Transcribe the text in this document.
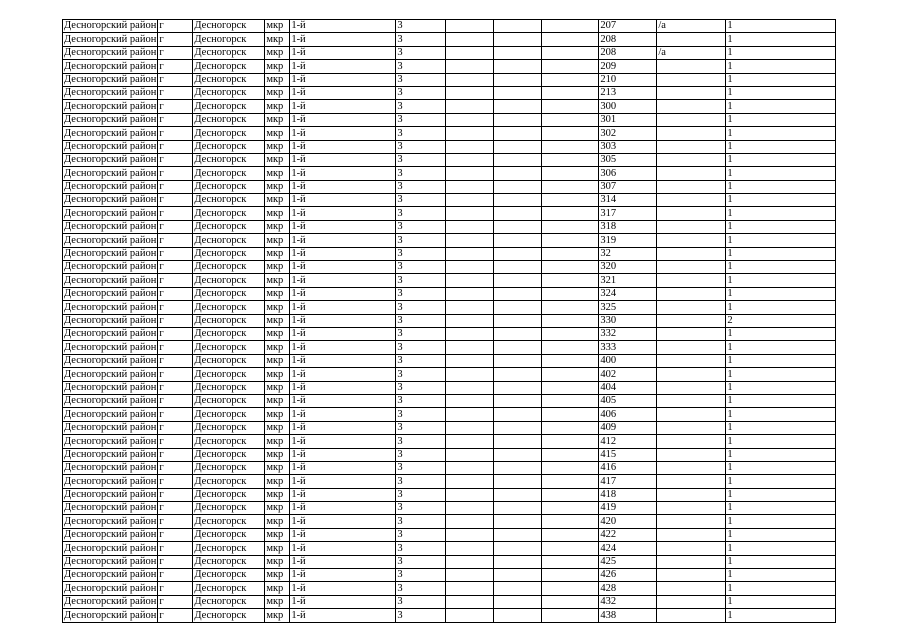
Десногорский район	г	Десногорск	мкр	1-й	3				207	/а	1
Десногорский район	г	Десногорск	мкр	1-й	3				208		1
Десногорский район	г	Десногорск	мкр	1-й	3				208	/а	1
Десногорский район	г	Десногорск	мкр	1-й	3				209		1
Десногорский район	г	Десногорск	мкр	1-й	3				210		1
Десногорский район	г	Десногорск	мкр	1-й	3				213		1
Десногорский район	г	Десногорск	мкр	1-й	3				300		1
Десногорский район	г	Десногорск	мкр	1-й	3				301		1
Десногорский район	г	Десногорск	мкр	1-й	3				302		1
Десногорский район	г	Десногорск	мкр	1-й	3				303		1
Десногорский район	г	Десногорск	мкр	1-й	3				305		1
Десногорский район	г	Десногорск	мкр	1-й	3				306		1
Десногорский район	г	Десногорск	мкр	1-й	3				307		1
Десногорский район	г	Десногорск	мкр	1-й	3				314		1
Десногорский район	г	Десногорск	мкр	1-й	3				317		1
Десногорский район	г	Десногорск	мкр	1-й	3				318		1
Десногорский район	г	Десногорск	мкр	1-й	3				319		1
Десногорский район	г	Десногорск	мкр	1-й	3				32		1
Десногорский район	г	Десногорск	мкр	1-й	3				320		1
Десногорский район	г	Десногорск	мкр	1-й	3				321		1
Десногорский район	г	Десногорск	мкр	1-й	3				324		1
Десногорский район	г	Десногорск	мкр	1-й	3				325		1
Десногорский район	г	Десногорск	мкр	1-й	3				330		2
Десногорский район	г	Десногорск	мкр	1-й	3				332		1
Десногорский район	г	Десногорск	мкр	1-й	3				333		1
Десногорский район	г	Десногорск	мкр	1-й	3				400		1
Десногорский район	г	Десногорск	мкр	1-й	3				402		1
Десногорский район	г	Десногорск	мкр	1-й	3				404		1
Десногорский район	г	Десногорск	мкр	1-й	3				405		1
Десногорский район	г	Десногорск	мкр	1-й	3				406		1
Десногорский район	г	Десногорск	мкр	1-й	3				409		1
Десногорский район	г	Десногорск	мкр	1-й	3				412		1
Десногорский район	г	Десногорск	мкр	1-й	3				415		1
Десногорский район	г	Десногорск	мкр	1-й	3				416		1
Десногорский район	г	Десногорск	мкр	1-й	3				417		1
Десногорский район	г	Десногорск	мкр	1-й	3				418		1
Десногорский район	г	Десногорск	мкр	1-й	3				419		1
Десногорский район	г	Десногорск	мкр	1-й	3				420		1
Десногорский район	г	Десногорск	мкр	1-й	3				422		1
Десногорский район	г	Десногорск	мкр	1-й	3				424		1
Десногорский район	г	Десногорск	мкр	1-й	3				425		1
Десногорский район	г	Десногорск	мкр	1-й	3				426		1
Десногорский район	г	Десногорск	мкр	1-й	3				428		1
Десногорский район	г	Десногорск	мкр	1-й	3				432		1
Десногорский район	г	Десногорск	мкр	1-й	3				438		1
